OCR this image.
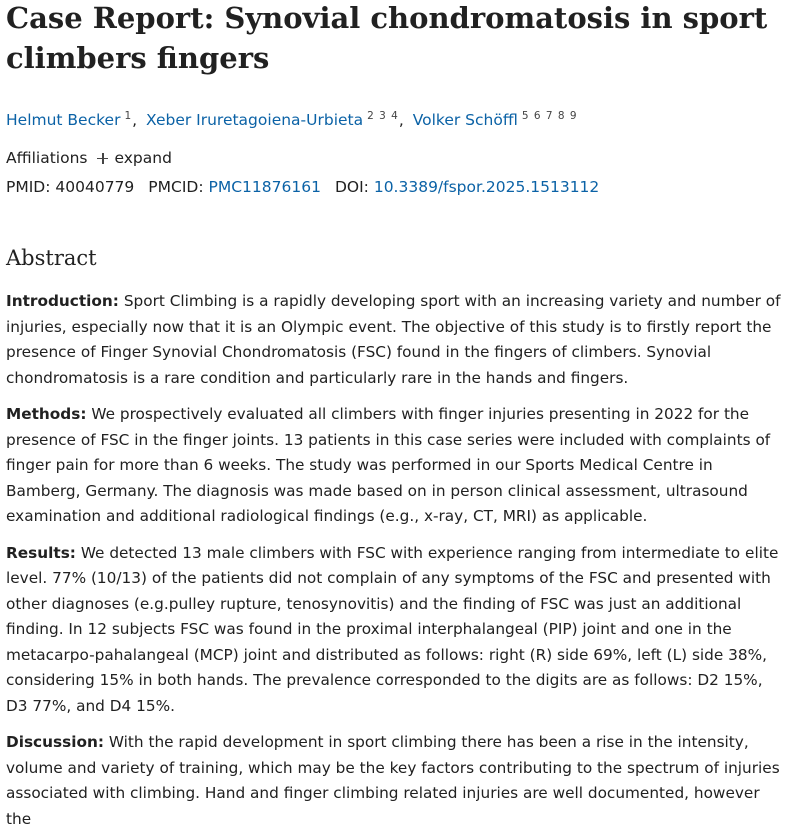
Case Report: Synovial chondromatosis in sport climbers fingers
Helmut Becker $^1$, Xeber Iruretagoiena-Urbieta $^{2 3 4}$, Volker Schöffl $^{5 6 7 8 9}$
Affiliations expand
PMID: 40040779 PMCID: PMC11876161 DOI: 10.3389/fspor.2025.1513112
Abstract

Introduction: Sport Climbing is a rapidly developing sport with an increasing variety and number of injuries, especially now that it is an Olympic event. The objective of this study is to firstly report the presence of Finger Synovial Chondromatosis (FSC) found in the fingers of climbers. Synovial chondromatosis is a rare condition and particularly rare in the hands and fingers.

Methods: We prospectively evaluated all climbers with finger injuries presenting in 2022 for the presence of FSC in the finger joints. 13 patients in this case series were included with complaints of finger pain for more than 6 weeks. The study was performed in our Sports Medical Centre in Bamberg, Germany. The diagnosis was made based on in person clinical assessment, ultrasound examination and additional radiological findings (e.g., x-ray, CT, MRI) as applicable.

Results: We detected 13 male climbers with FSC with experience ranging from intermediate to elite level. 77% (10/13) of the patients did not complain of any symptoms of the FSC and presented with other diagnoses (e.g.pulley rupture, tenosynovitis) and the finding of FSC was just an additional finding. In 12 subjects FSC was found in the proximal interphalangeal (PIP) joint and one in the metacarpo-pahalangeal (MCP) joint and distributed as follows: right (R) side 69%, left (L) side 38%, considering 15% in both hands. The prevalence corresponded to the digits are as follows: D2 15%, D3 77%, and D4 15%.

Discussion: With the rapid development in sport climbing there has been a rise in the intensity, volume and variety of training, which may be the key factors contributing to the spectrum of injuries associated with climbing. Hand and finger climbing related injuries are well documented, however the
